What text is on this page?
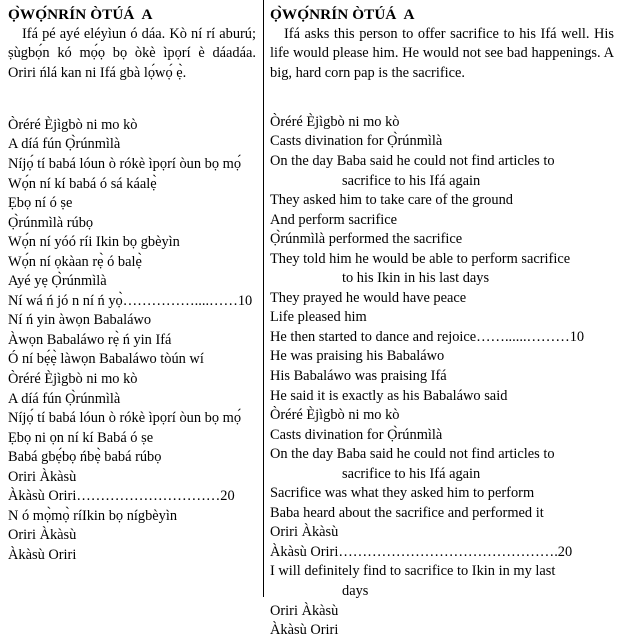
Ọ̀WỌ́NRÍN ÒTÚÁ  A

Ifá pé ayé eléyìun ó dáa. Kò ní rí aburú; ṣùgbọ́n kó mọ́ọ bọ òkè ìpọrí è dáadáa. Oriri ńlá kan ni Ifá gbà lọ́wọ́ ẹ̀.

Òréré Èjìgbò ni mo kò
A díá fún Ọ̀rúnmìlà
Níjọ́ tí babá lóun ò rókè ìpọrí òun bọ mọ́
Wọ́n ní kí babá ó sá káalẹ̀
Ẹbọ ní ó ṣe
Ọ̀rúnmìlà rúbọ
Wọ́n ní yóó ríi Ikin bọ gbèyìn
Wọ́n ní ọkàan rẹ̀ ó balẹ̀
Ayé yẹ Ọ̀rúnmìlà
Ní wá ń jó n ní ń yọ̀……………....……10
Ní ń yin àwọn Babaláwo
Àwọn Babaláwo rẹ̀ ń yin Ifá
Ó ní bẹ́ẹ̀ làwọn Babaláwo tòún wí
Òréré Èjìgbò ni mo kò
A díá fún Ọ̀rúnmìlà
Níjọ́ tí babá lóun ò rókè ìpọrí òun bọ mọ́
Ẹbọ ni ọn ní kí Babá ó ṣe
Babá gbẹ́bọ ńbẹ̀ babá rúbọ
Oriri Àkàsù
Àkàsù Oriri…………………………20
N ó mọ̀mọ̀ ríIkin bọ nígbèyìn
Oriri Àkàsù
Àkàsù Oriri
Ọ̀WỌ́NRÍN ÒTÚÁ  A

Ifá asks this person to offer sacrifice to his Ifá well. His life would please him. He would not see bad happenings. A big, hard corn pap is the sacrifice.

Òréré Èjìgbò ni mo kò
Casts divination for Ọ̀rúnmìlà
On the day Baba said he could not find articles to
sacrifice to his Ifá again
They asked him to take care of the ground
And perform sacrifice
Ọ̀rúnmìlà performed the sacrifice
They told him he would be able to perform sacrifice
to his Ikin in his last days
They prayed he would have peace
Life pleased him
He then started to dance and rejoice……......………10
He was praising his Babaláwo
His Babaláwo was praising Ifá
He said it is exactly as his Babaláwo said
Òréré Èjìgbò ni mo kò
Casts divination for Ọ̀rúnmìlà
On the day Baba said he could not find articles to
sacrifice to his Ifá again
Sacrifice was what they asked him to perform
Baba heard about the sacrifice and performed it
Oriri Àkàsù
Àkàsù Oriri……………………………………….20
I will definitely find to sacrifice to Ikin in my last
days
Oriri Àkàsù
Àkàsù Oriri
